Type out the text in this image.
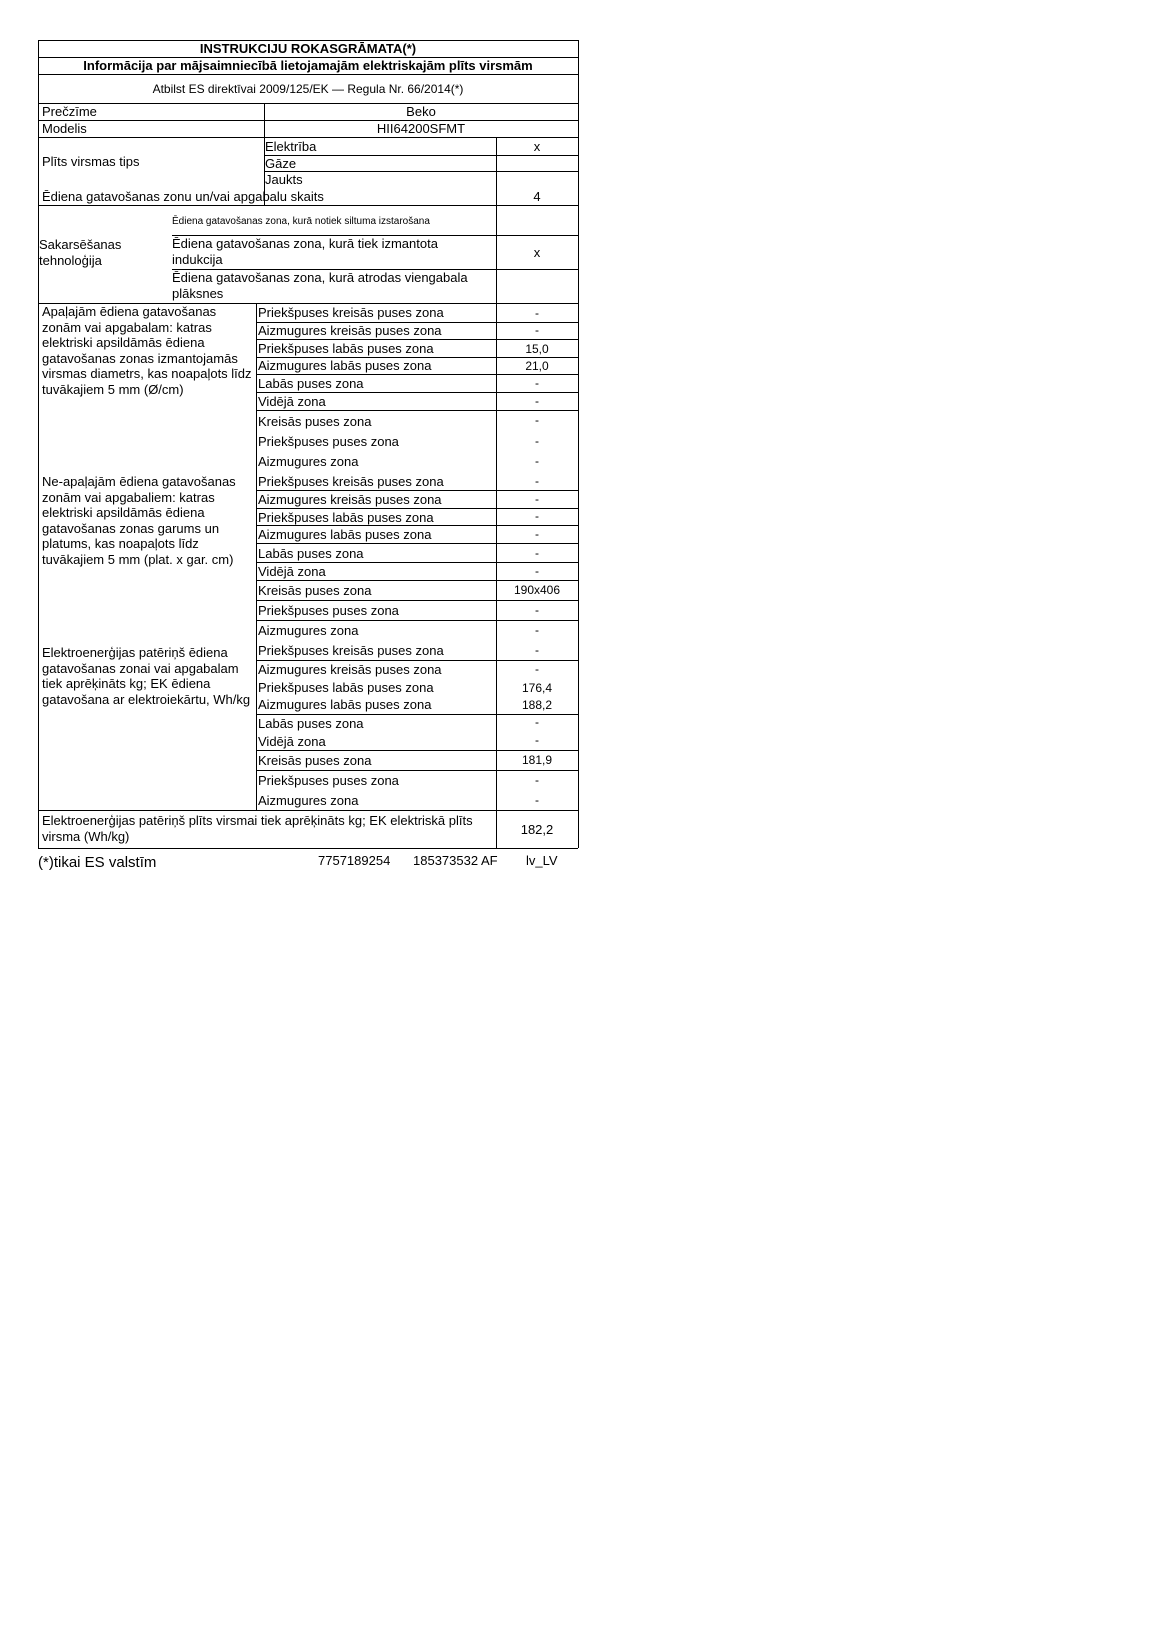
INSTRUKCIJU ROKASGRĀMATA(*)
Informācija par mājsaimniecībā lietojamajām elektriskajām plīts virsmām
Atbilst ES direktīvai 2009/125/EK — Regula Nr. 66/2014(*)
Prečzīme	Beko
Modelis	HII64200SFMT
Plīts virsmas tips
Elektrība	x
Gāze
Jaukts
Ēdiena gatavošanas zonu un/vai apgabalu skaits	4
Sakarsēšanas tehnoloģija
Ēdiena gatavošanas zona, kurā notiek siltuma izstarošana
Ēdiena gatavošanas zona, kurā tiek izmantota indukcija	x
Ēdiena gatavošanas zona, kurā atrodas viengabala plāksnes
Apaļajām ēdiena gatavošanas zonām vai apgabalam: katras elektriski apsildāmās ēdiena gatavošanas zonas izmantojamās virsmas diametrs, kas noapaļots līdz tuvākajiem 5 mm (Ø/cm)
Priekšpuses kreisās puses zona	-
Aizmugures kreisās puses zona	-
Priekšpuses labās puses zona	15,0
Aizmugures labās puses zona	21,0
Labās puses zona	-
Vidējā zona	-
Kreisās puses zona	-
Priekšpuses puses zona	-
Aizmugures zona	-
Ne-apaļajām ēdiena gatavošanas zonām vai apgabaliem: katras elektriski apsildāmās ēdiena gatavošanas zonas garums un platums, kas noapaļots līdz tuvākajiem 5 mm (plat. x gar. cm)
Priekšpuses kreisās puses zona	-
Aizmugures kreisās puses zona	-
Priekšpuses labās puses zona	-
Aizmugures labās puses zona	-
Labās puses zona	-
Vidējā zona	-
Kreisās puses zona	190x406
Priekšpuses puses zona	-
Aizmugures zona	-
Elektroenerģijas patēriņš ēdiena gatavošanas zonai vai apgabalam tiek aprēķināts kg; EK ēdiena gatavošana ar elektroiekārtu, Wh/kg
Priekšpuses kreisās puses zona	-
Aizmugures kreisās puses zona	-
Priekšpuses labās puses zona	176,4
Aizmugures labās puses zona	188,2
Labās puses zona	-
Vidējā zona	-
Kreisās puses zona	181,9
Priekšpuses puses zona	-
Aizmugures zona	-
Elektroenerģijas patēriņš plīts virsmai tiek aprēķināts kg; EK elektriskā plīts virsma (Wh/kg)	182,2
(*)tikai ES valstīm	7757189254 185373532 AF lv_LV
